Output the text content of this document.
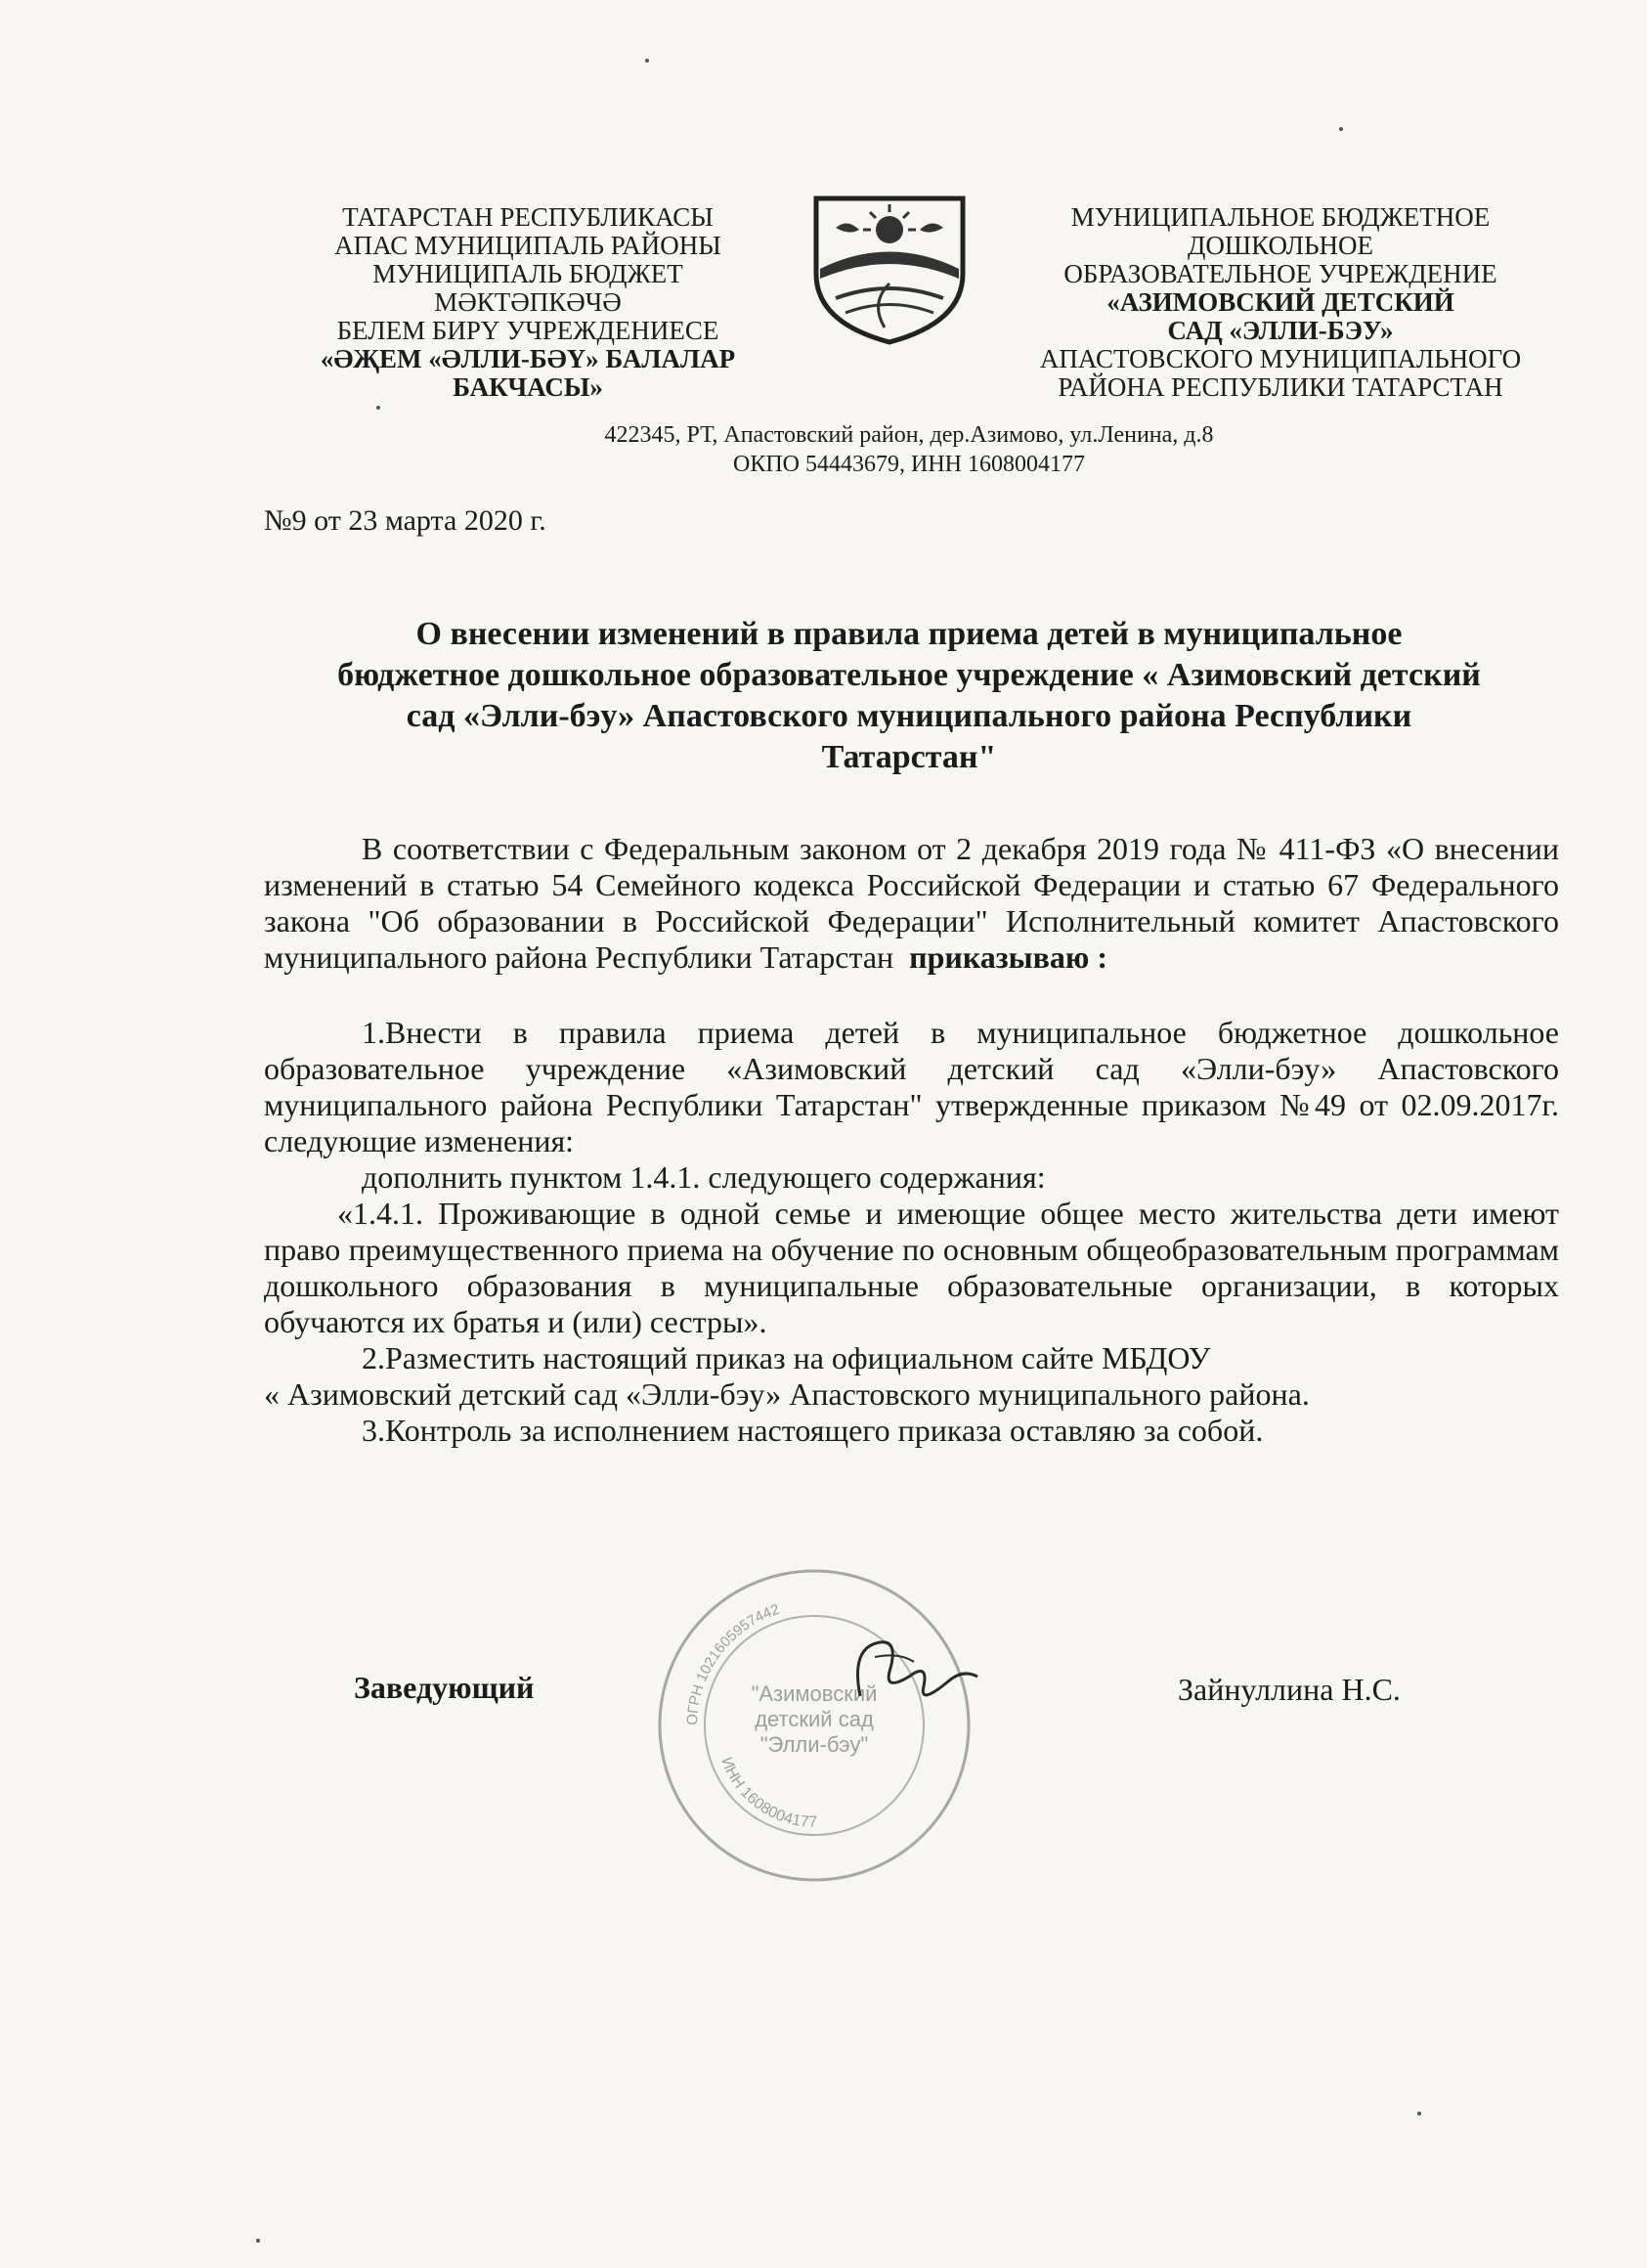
ТАТАРСТАН РЕСПУБЛИКАСЫ
АПАС МУНИЦИПАЛЬ РАЙОНЫ
МУНИЦИПАЛЬ БЮДЖЕТ
МӘКТӘПКӘЧӘ
БЕЛЕМ БИРҮ УЧРЕЖДЕНИЕСЕ
«ӘҖЕМ «ӘЛЛИ-БӘҮ» БАЛАЛАР
БАКЧАСЫ»
МУНИЦИПАЛЬНОЕ БЮДЖЕТНОЕ
ДОШКОЛЬНОЕ
ОБРАЗОВАТЕЛЬНОЕ УЧРЕЖДЕНИЕ
«АЗИМОВСКИЙ ДЕТСКИЙ
САД «ЭЛЛИ-БЭУ»
АПАСТОВСКОГО МУНИЦИПАЛЬНОГО
РАЙОНА РЕСПУБЛИКИ ТАТАРСТАН
422345, РТ, Апастовский район, дер.Азимово, ул.Ленина, д.8
ОКПО 54443679, ИНН 1608004177
№9 от 23 марта 2020 г.
О внесении изменений в правила приема детей в муниципальное
бюджетное дошкольное образовательное учреждение « Азимовский детский
сад «Элли-бэу» Апастовского муниципального района Республики
Татарстан"

В соответствии с Федеральным законом от 2 декабря 2019 года № 411-ФЗ «О внесении изменений в статью 54 Семейного кодекса Российской Федерации и статью 67 Федерального закона "Об образовании в Российской Федерации" Исполнительный комитет Апастовского муниципального района Республики Татарстан приказываю :

1.Внести в правила приема детей в муниципальное бюджетное дошкольное образовательное учреждение «Азимовский детский сад «Элли-бэу» Апастовского муниципального района Республики Татарстан" утвержденные приказом №49 от 02.09.2017г. следующие изменения:

дополнить пунктом 1.4.1. следующего содержания:

«1.4.1. Проживающие в одной семье и имеющие общее место жительства дети имеют право преимущественного приема на обучение по основным общеобразовательным программам дошкольного образования в муниципальные образовательные организации, в которых обучаются их братья и (или) сестры».

2.Разместить настоящий приказ на официальном сайте МБДОУ

« Азимовский детский сад «Элли-бэу» Апастовского муниципального района.

3.Контроль за исполнением настоящего приказа оставляю за собой.

ОГРН 1021605957442
ИНН 1608004177
"Азимовский
детский сад
"Элли-бэу"
Заведующий	Зайнуллина Н.С.
